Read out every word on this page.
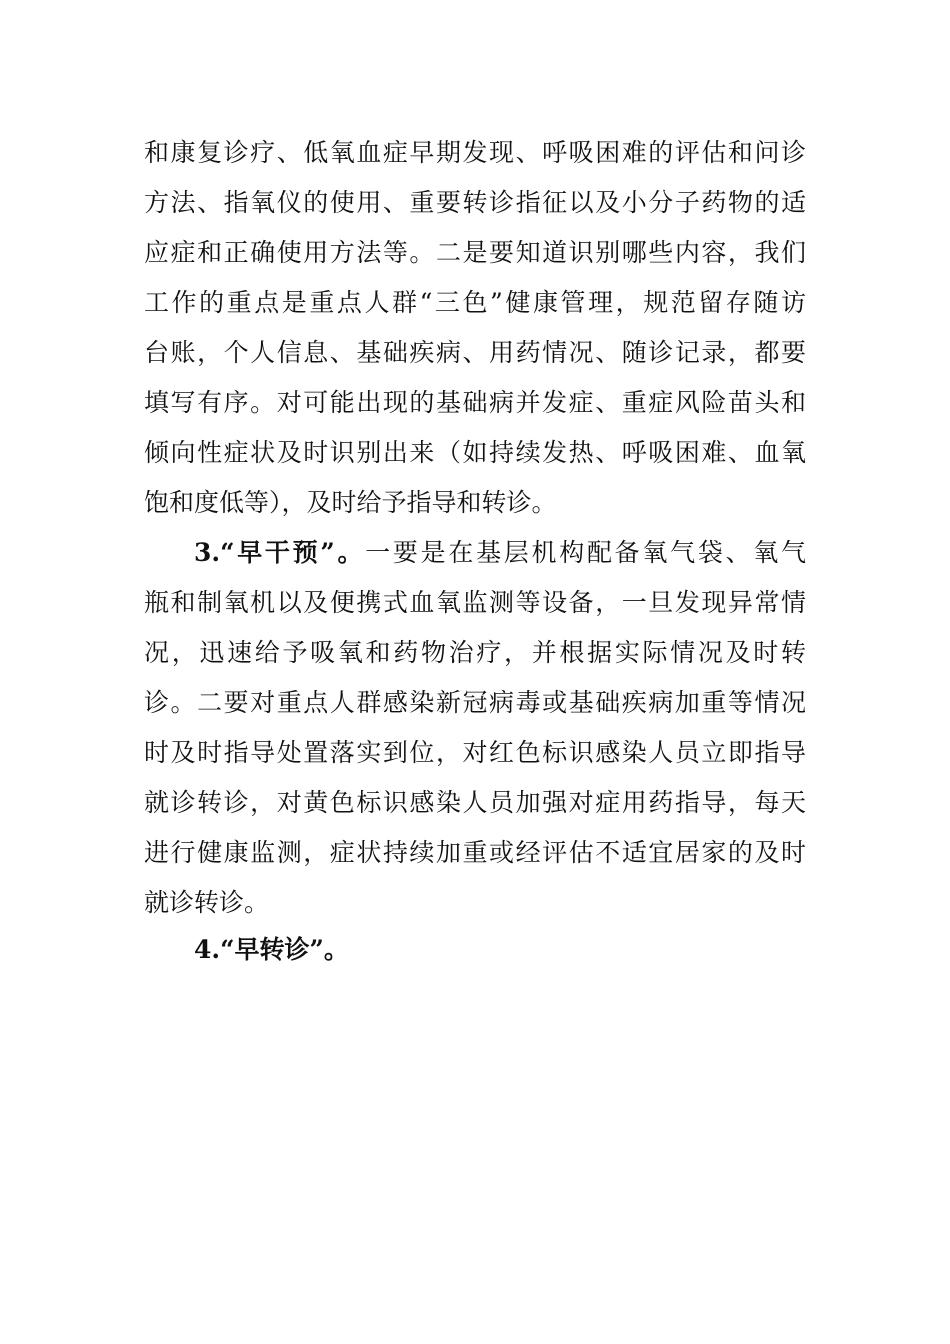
和康复诊疗、低氧血症早期发现、呼吸困难的评估和问诊
方法、指氧仪的使用、重要转诊指征以及小分子药物的适
应症和正确使用方法等。二是要知道识别哪些内容，我们
工作的重点是重点人群“三色”健康管理，规范留存随访
台账，个人信息、基础疾病、用药情况、随诊记录，都要
填写有序。对可能出现的基础病并发症、重症风险苗头和
倾向性症状及时识别出来（如持续发热、呼吸困难、血氧
饱和度低等），及时给予指导和转诊。
3.“早干预”。一要是在基层机构配备氧气袋、氧气
瓶和制氧机以及便携式血氧监测等设备，一旦发现异常情
况，迅速给予吸氧和药物治疗，并根据实际情况及时转
诊。二要对重点人群感染新冠病毒或基础疾病加重等情况
时及时指导处置落实到位，对红色标识感染人员立即指导
就诊转诊，对黄色标识感染人员加强对症用药指导，每天
进行健康监测，症状持续加重或经评估不适宜居家的及时
就诊转诊。
4.“早转诊”。
